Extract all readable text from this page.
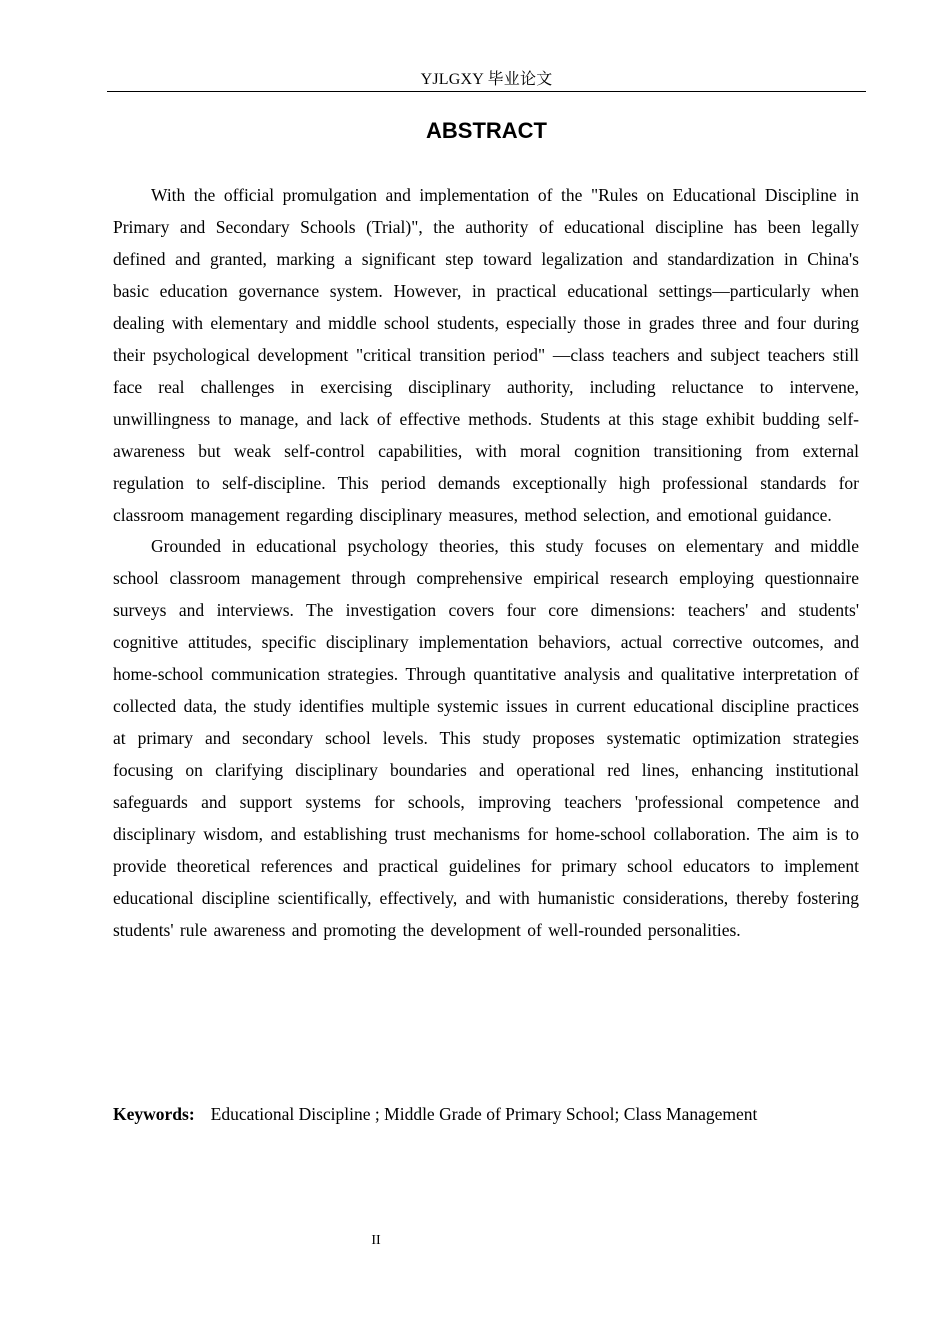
YJLGXY 毕业论文
ABSTRACT

With the official promulgation and implementation of the "Rules on Educational Discipline in Primary and Secondary Schools (Trial)", the authority of educational discipline has been legally defined and granted, marking a significant step toward legalization and standardization in China's basic education governance system. However, in practical educational settings—particularly when dealing with elementary and middle school students, especially those in grades three and four during their psychological development "critical transition period" —class teachers and subject teachers still face real challenges in exercising disciplinary authority, including reluctance to intervene, unwillingness to manage, and lack of effective methods. Students at this stage exhibit budding self-awareness but weak self-control capabilities, with moral cognition transitioning from external regulation to self-discipline. This period demands exceptionally high professional standards for classroom management regarding disciplinary measures, method selection, and emotional guidance.

Grounded in educational psychology theories, this study focuses on elementary and middle school classroom management through comprehensive empirical research employing questionnaire surveys and interviews. The investigation covers four core dimensions: teachers' and students' cognitive attitudes, specific disciplinary implementation behaviors, actual corrective outcomes, and home-school communication strategies. Through quantitative analysis and qualitative interpretation of collected data, the study identifies multiple systemic issues in current educational discipline practices at primary and secondary school levels. This study proposes systematic optimization strategies focusing on clarifying disciplinary boundaries and operational red lines, enhancing institutional safeguards and support systems for schools, improving teachers 'professional competence and disciplinary wisdom, and establishing trust mechanisms for home-school collaboration. The aim is to provide theoretical references and practical guidelines for primary school educators to implement educational discipline scientifically, effectively, and with humanistic considerations, thereby fostering students' rule awareness and promoting the development of well-rounded personalities.

Keywords: Educational Discipline ; Middle Grade of Primary School; Class Management
II
